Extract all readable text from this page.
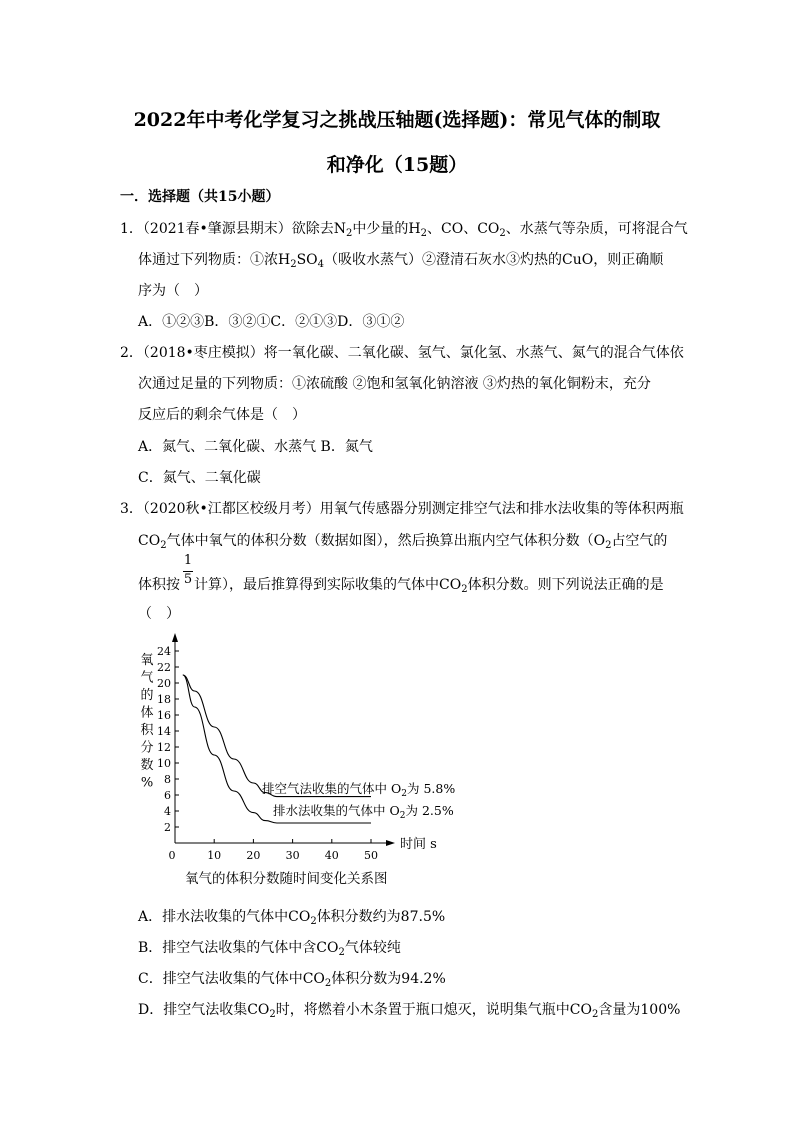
2022年中考化学复习之挑战压轴题(选择题)：常见气体的制取
和净化（15题）
一．选择题（共15小题）
1．（2021春•肇源县期末）欲除去$N_2$中少量的$H_2$、CO、$CO_2$、水蒸气等杂质，可将混合气
体通过下列物质：①浓$H_2SO_4$（吸收水蒸气）②澄清石灰水③灼热的CuO，则正确顺
序为（　）
A．①②③B．③②①C．②①③D．③①②
2．（2018•枣庄模拟）将一氧化碳、二氧化碳、氢气、氯化氢、水蒸气、氮气的混合气体依
次通过足量的下列物质：①浓硫酸 ②饱和氢氧化钠溶液 ③灼热的氧化铜粉末，充分
反应后的剩余气体是（　）
A．氮气、二氧化碳、水蒸气 B．氮气
C．氮气、二氧化碳
3．（2020秋•江都区校级月考）用氧气传感器分别测定排空气法和排水法收集的等体积两瓶
$CO_2$气体中氧气的体积分数（数据如图），然后换算出瓶内空气体积分数（$O_2$占空气的
1
5
体积按 计算），最后推算得到实际收集的气体中$CO_2$体积分数。则下列说法正确的是
（　）
2
4
6
8
10
12
14
16
18
20
22
24
0	10 20 30 40 50
排空气法收集的气体中 $O_2$为 5.8%
排水法收集的气体中 $O_2$为 2.5%
氧
气
的
体
积
分
数
%
时间 s
氧气的体积分数随时间变化关系图
A．排水法收集的气体中$CO_2$体积分数约为87.5%
B．排空气法收集的气体中含$CO_2$气体较纯
C．排空气法收集的气体中$CO_2$体积分数为94.2%
D．排空气法收集$CO_2$时，将燃着小木条置于瓶口熄灭，说明集气瓶中$CO_2$含量为100%
